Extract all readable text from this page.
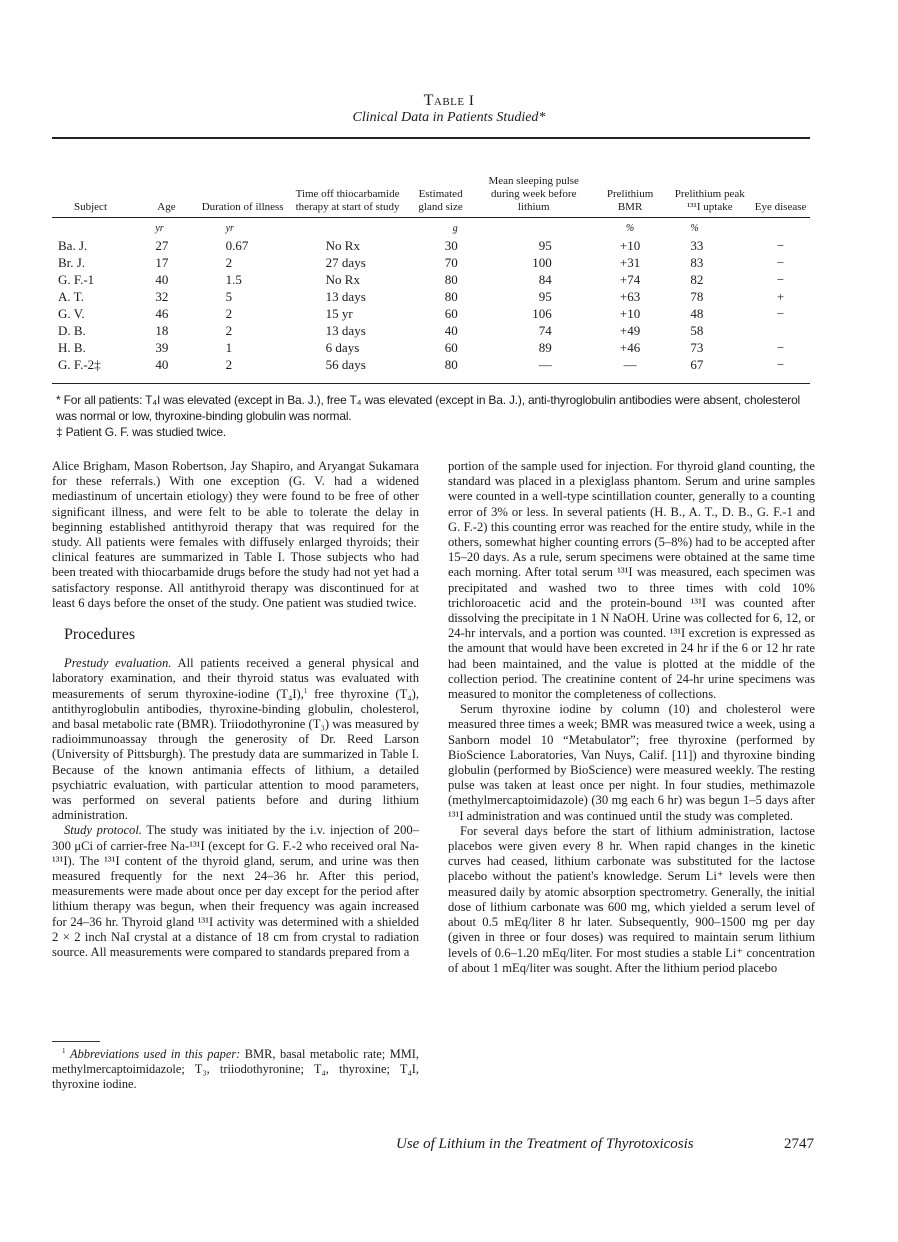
Table I
Clinical Data in Patients Studied*
Subject	Age	Duration of illness	Time off thiocarbamide therapy at start of study	Estimated gland size	Mean sleeping pulse during week before lithium	Prelithium BMR	Prelithium peak ¹³¹I uptake	Eye disease
	yr	yr		g		%	%	
Ba. J.	27	0.67	No Rx	30	95	+10	33	−
Br. J.	17	2	27 days	70	100	+31	83	−
G. F.-1	40	1.5	No Rx	80	84	+74	82	−
A. T.	32	5	13 days	80	95	+63	78	+
G. V.	46	2	15 yr	60	106	+10	48	−
D. B.	18	2	13 days	40	74	+49	58	
H. B.	39	1	6 days	60	89	+46	73	−
G. F.-2‡	40	2	56 days	80	—	—	67	−

* For all patients: T₄I was elevated (except in Ba. J.), free T₄ was elevated (except in Ba. J.), anti-thyroglobulin antibodies were absent, cholesterol was normal or low, thyroxine-binding globulin was normal.

‡ Patient G. F. was studied twice.

Alice Brigham, Mason Robertson, Jay Shapiro, and Aryangat Sukamara for these referrals.) With one exception (G. V. had a widened mediastinum of uncertain etiology) they were found to be free of other significant illness, and were felt to be able to tolerate the delay in beginning established antithyroid therapy that was required for the study. All patients were females with diffusely enlarged thyroids; their clinical features are summarized in Table I. Those subjects who had been treated with thiocarbamide drugs before the study had not yet had a satisfactory response. All antithyroid therapy was discontinued for at least 6 days before the onset of the study. One patient was studied twice.

Procedures

Prestudy evaluation. All patients received a general physical and laboratory examination, and their thyroid status was evaluated with measurements of serum thyroxine-iodine (T₄I),$^1$ free thyroxine (T₄), antithyroglobulin antibodies, thyroxine-binding globulin, cholesterol, and basal metabolic rate (BMR). Triiodothyronine (T₃) was measured by radioimmunoassay through the generosity of Dr. Reed Larson (University of Pittsburgh). The prestudy data are summarized in Table I. Because of the known antimania effects of lithium, a detailed psychiatric evaluation, with particular attention to mood parameters, was performed on several patients before and during lithium administration.

Study protocol. The study was initiated by the i.v. injection of 200–300 μCi of carrier-free Na-¹³¹I (except for G. F.-2 who received oral Na-¹³¹I). The ¹³¹I content of the thyroid gland, serum, and urine was then measured frequently for the next 24–36 hr. After this period, measurements were made about once per day except for the period after lithium therapy was begun, when their frequency was again increased for 24–36 hr. Thyroid gland ¹³¹I activity was determined with a shielded 2 × 2 inch NaI crystal at a distance of 18 cm from crystal to radiation source. All measurements were compared to standards prepared from a

$^1$ Abbreviations used in this paper: BMR, basal metabolic rate; MMI, methylmercaptoimidazole; T₃, triiodothyronine; T₄, thyroxine; T₄I, thyroxine iodine.

portion of the sample used for injection. For thyroid gland counting, the standard was placed in a plexiglass phantom. Serum and urine samples were counted in a well-type scintillation counter, generally to a counting error of 3% or less. In several patients (H. B., A. T., D. B., G. F.-1 and G. F.-2) this counting error was reached for the entire study, while in the others, somewhat higher counting errors (5–8%) had to be accepted after 15–20 days. As a rule, serum specimens were obtained at the same time each morning. After total serum ¹³¹I was measured, each specimen was precipitated and washed two to three times with cold 10% trichloroacetic acid and the protein-bound ¹³¹I was counted after dissolving the precipitate in 1 N NaOH. Urine was collected for 6, 12, or 24-hr intervals, and a portion was counted. ¹³¹I excretion is expressed as the amount that would have been excreted in 24 hr if the 6 or 12 hr rate had been maintained, and the value is plotted at the middle of the collection period. The creatinine content of 24-hr urine specimens was measured to monitor the completeness of collections.

Serum thyroxine iodine by column (10) and cholesterol were measured three times a week; BMR was measured twice a week, using a Sanborn model 10 “Metabulator”; free thyroxine (performed by BioScience Laboratories, Van Nuys, Calif. [11]) and thyroxine binding globulin (performed by BioScience) were measured weekly. The resting pulse was taken at least once per night. In four studies, methimazole (methylmercaptoimidazole) (30 mg each 6 hr) was begun 1–5 days after ¹³¹I administration and was continued until the study was completed.

For several days before the start of lithium administration, lactose placebos were given every 8 hr. When rapid changes in the kinetic curves had ceased, lithium carbonate was substituted for the lactose placebo without the patient's knowledge. Serum Li⁺ levels were then measured daily by atomic absorption spectrometry. Generally, the initial dose of lithium carbonate was 600 mg, which yielded a serum level of about 0.5 mEq/liter 8 hr later. Subsequently, 900–1500 mg per day (given in three or four doses) was required to maintain serum lithium levels of 0.6–1.20 mEq/liter. For most studies a stable Li⁺ concentration of about 1 mEq/liter was sought. After the lithium period placebo

Use of Lithium in the Treatment of Thyrotoxicosis	2747
